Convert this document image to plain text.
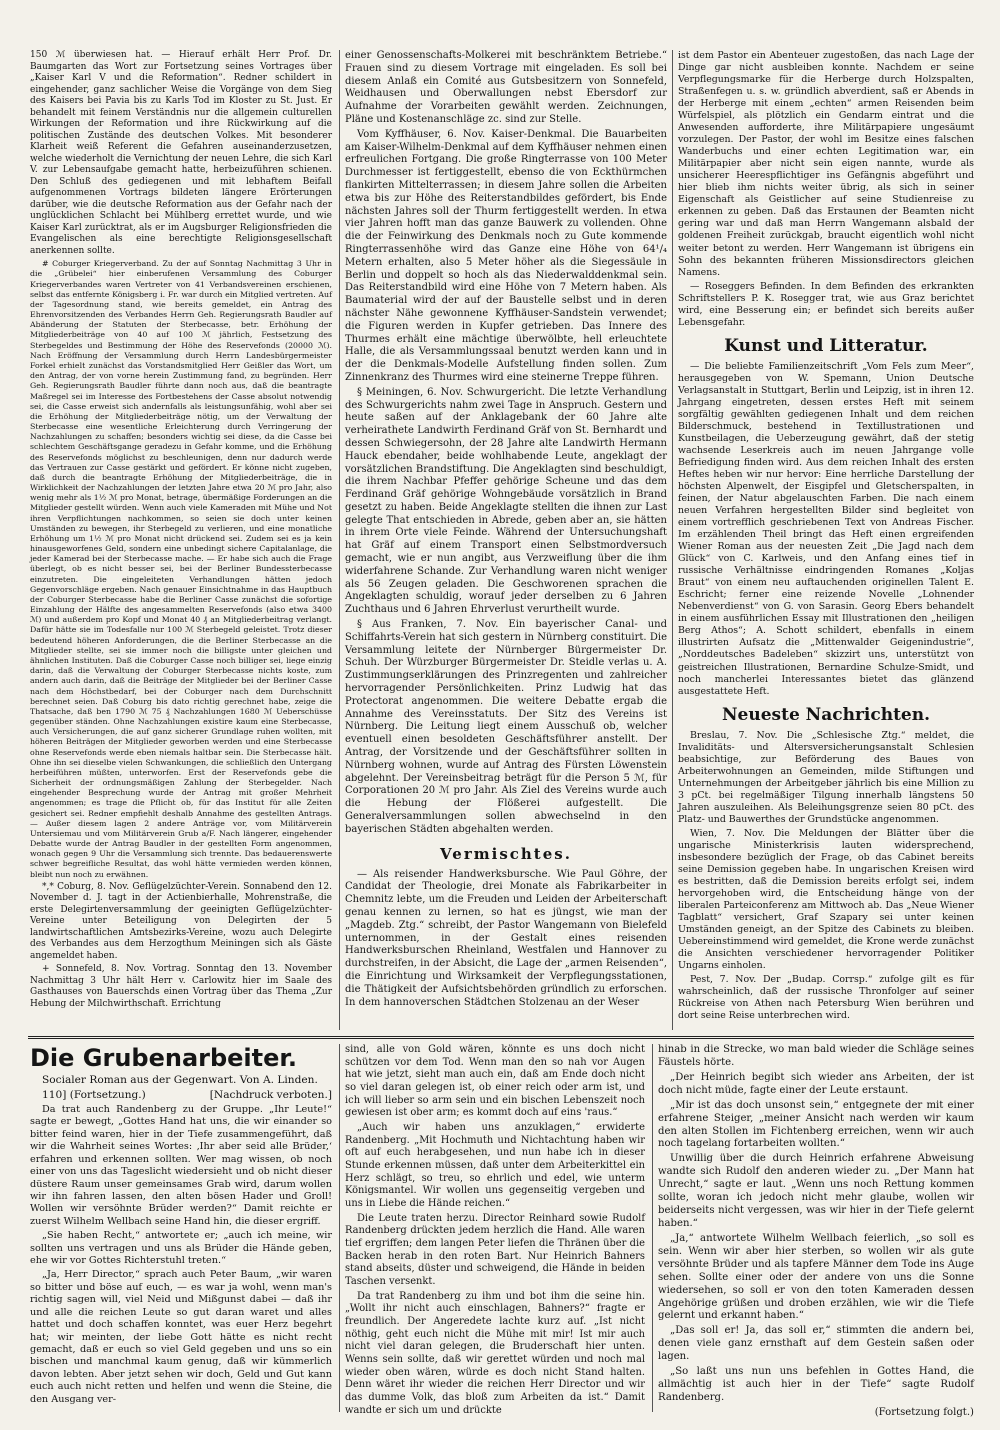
150 ℳ überwiesen hat. — Hierauf erhält Herr Prof. Dr. Baumgarten das Wort zur Fortsetzung seines Vortrages über „Kaiser Karl V und die Reformation“. Redner schildert in eingehender, ganz sachlicher Weise die Vorgänge von dem Sieg des Kaisers bei Pavia bis zu Karls Tod im Kloster zu St. Just. Er behandelt mit feinem Verständnis nur die allgemein culturellen Wirkungen der Reformation und ihre Rückwirkung auf die politischen Zustände des deutschen Volkes. Mit besonderer Klarheit weiß Referent die Gefahren auseinanderzusetzen, welche wiederholt die Vernichtung der neuen Lehre, die sich Karl V. zur Lebensaufgabe gemacht hatte, herbeizuführen schienen. Den Schluß des gediegenen und mit lebhaftem Beifall aufgenommenen Vortrags bildeten längere Erörterungen darüber, wie die deutsche Reformation aus der Gefahr nach der unglücklichen Schlacht bei Mühlberg errettet wurde, und wie Kaiser Karl zurücktrat, als er im Augsburger Religionsfrieden die Evangelischen als eine berechtigte Religionsgesellschaft anerkennen sollte.

# Coburger Kriegerverband. Zu der auf Sonntag Nachmittag 3 Uhr in die „Grübelei“ hier einberufenen Versammlung des Coburger Kriegerverbandes waren Vertreter von 41 Verbandsvereinen erschienen, selbst das entfernte Königsberg i. Fr. war durch ein Mitglied vertreten. Auf der Tagesordnung stand, wie bereits gemeldet, ein Antrag des Ehrenvorsitzenden des Verbandes Herrn Geh. Regierungsrath Baudler auf Abänderung der Statuten der Sterbecasse, betr. Erhöhung der Mitgliederbeiträge von 40 auf 100 ℳ jährlich, Festsetzung des Sterbegeldes und Bestimmung der Höhe des Reservefonds (20000 ℳ). Nach Eröffnung der Versammlung durch Herrn Landesbürgermeister Forkel erhielt zunächst das Vorstandsmitglied Herr Geißler das Wort, um den Antrag, der von vorne herein Zustimmung fand, zu begründen. Herr Geh. Regierungsrath Baudler führte dann noch aus, daß die beantragte Maßregel sei im Interesse des Fortbestehens der Casse absolut notwendig sei, die Casse erweist sich andernfalls als leistungsunfähig, wohl aber sei die Erhöhung der Mitgliederbeiträge nötig, um der Verwaltung der Sterbecasse eine wesentliche Erleichterung durch Verringerung der Nachzahlungen zu schaffen; besonders wichtig sei diese, da die Casse bei schlechtem Geschäftsgange geradezu in Gefahr komme, und die Erhöhung des Reservefonds möglichst zu beschleunigen, denn nur dadurch werde das Vertrauen zur Casse gestärkt und gefördert. Er könne nicht zugeben, daß durch die beantragte Erhöhung der Mitgliederbeiträge, die in Wirklichkeit der Nachzahlungen der letzten Jahre etwa 20 ℳ pro Jahr, also wenig mehr als 1½ ℳ pro Monat, betrage, übermäßige Forderungen an die Mitglieder gestellt würden. Wenn auch viele Kameraden mit Mühe und Not ihren Verpflichtungen nachkommen, so seien sie doch unter keinen Umständen zu bewegen, ihr Sterbegeld zu verlieren, und eine monatliche Erhöhung um 1½ ℳ pro Monat nicht drückend sei. Zudem sei es ja kein hinausgeworfenes Geld, sondern eine unbedingt sichere Capitalanlage, die jeder Kamerad bei der Sterbecasse mache. — Er habe sich auch die Frage überlegt, ob es nicht besser sei, bei der Berliner Bundessterbecasse einzutreten. Die eingeleiteten Verhandlungen hätten jedoch Gegenvorschläge ergeben. Nach genauer Einsichtnahme in das Hauptbuch der Coburger Sterbecasse habe die Berliner Casse zunächst die sofortige Einzahlung der Hälfte des angesammelten Reservefonds (also etwa 3400 ℳ) und außerdem pro Kopf und Monat 40 ₰ an Mitgliederbeitrag verlangt. Dafür hätte sie im Todesfalle nur 100 ℳ Sterbegeld geleistet. Trotz dieser bedeutend höheren Anforderungen, die die Berliner Sterbecasse an die Mitglieder stellte, sei sie immer noch die billigste unter gleichen und ähnlichen Instituten. Daß die Coburger Casse noch billiger sei, liege einzig darin, daß die Verwaltung der Coburger Sterbecasse nichts koste, zum andern auch darin, daß die Beiträge der Mitglieder bei der Berliner Casse nach dem Höchstbedarf, bei der Coburger nach dem Durchschnitt berechnet seien. Daß Coburg bis dato richtig gerechnet habe, zeige die Thatsache, daß ben 1790 ℳ 75 ₰ Nachzahlungen 1680 ℳ Ueberschüsse gegenüber ständen. Ohne Nachzahlungen existire kaum eine Sterbecasse, auch Versicherungen, die auf ganz sicherer Grundlage ruhen wollten, mit höheren Beiträgen der Mitglieder geworben werden und eine Sterbecasse ohne Reservefonds werde eben niemals haltbar sein. Die Sterbecasse hält. Ohne ihn sei dieselbe vielen Schwankungen, die schließlich den Untergang herbeiführen müßten, unterworfen. Erst der Reservefonds gebe die Sicherheit der ordnungsmäßigen Zahlung der Sterbegelder. Nach eingehender Besprechung wurde der Antrag mit großer Mehrheit angenommen; es trage die Pflicht ob, für das Institut für alle Zeiten gesichert sei. Redner empfiehlt deshalb Annahme des gestellten Antrags. — Außer diesem lagen 2 andere Anträge vor, vom Militärverein Untersiemau und vom Militärverein Grub a/F. Nach längerer, eingehender Debatte wurde der Antrag Baudler in der gestellten Form angenommen, wonach gegen 9 Uhr die Versammlung sich trennte. Das bedauerenswerte schwer begreifliche Resultat, das wohl hätte vermieden werden können, bleibt nun noch zu erwähnen.

*,* Coburg, 8. Nov. Geflügelzüchter-Verein. Sonnabend den 12. November d. J. tagt in der Actienbierhalle, Mohrenstraße, die erste Delegirtenversammlung der geeinigten Geflügelzüchter-Vereine unter Beteiligung von Delegirten der 5 landwirtschaftlichen Amtsbezirks-Vereine, wozu auch Delegirte des Verbandes aus dem Herzogthum Meiningen sich als Gäste angemeldet haben.

+ Sonnefeld, 8. Nov. Vortrag. Sonntag den 13. November Nachmittag 3 Uhr hält Herr v. Carlowitz hier im Saale des Gasthauses von Bauerschds einen Vortrag über das Thema „Zur Hebung der Milchwirthschaft. Errichtung

einer Genossenschafts-Molkerei mit beschränktem Betriebe.“ Frauen sind zu diesem Vortrage mit eingeladen. Es soll bei diesem Anlaß ein Comité aus Gutsbesitzern von Sonnefeld, Weidhausen und Oberwallungen nebst Ebersdorf zur Aufnahme der Vorarbeiten gewählt werden. Zeichnungen, Pläne und Kostenanschläge zc. sind zur Stelle.

Vom Kyffhäuser, 6. Nov. Kaiser-Denkmal. Die Bauarbeiten am Kaiser-Wilhelm-Denkmal auf dem Kyffhäuser nehmen einen erfreulichen Fortgang. Die große Ringterrasse von 100 Meter Durchmesser ist fertiggestellt, ebenso die von Eckthürmchen flankirten Mittelterrassen; in diesem Jahre sollen die Arbeiten etwa bis zur Höhe des Reiterstandbildes gefördert, bis Ende nächsten Jahres soll der Thurm fertiggestellt werden. In etwa vier Jahren hofft man das ganze Bauwerk zu vollenden. Ohne die der Feinwirkung des Denkmals noch zu Gute kommende Ringterrassenhöhe wird das Ganze eine Höhe von 64¹/₄ Metern erhalten, also 5 Meter höher als die Siegessäule in Berlin und doppelt so hoch als das Niederwalddenkmal sein. Das Reiterstandbild wird eine Höhe von 7 Metern haben. Als Baumaterial wird der auf der Baustelle selbst und in deren nächster Nähe gewonnene Kyffhäuser-Sandstein verwendet; die Figuren werden in Kupfer getrieben. Das Innere des Thurmes erhält eine mächtige überwölbte, hell erleuchtete Halle, die als Versammlungssaal benutzt werden kann und in der die Denkmals-Modelle Aufstellung finden sollen. Zum Zinnenkranz des Thurmes wird eine steinerne Treppe führen.

§ Meiningen, 6. Nov. Schwurgericht. Die letzte Verhandlung des Schwurgerichts nahm zwei Tage in Anspruch. Gestern und heute saßen auf der Anklagebank der 60 Jahre alte verheirathete Landwirth Ferdinand Gräf von St. Bernhardt und dessen Schwiegersohn, der 28 Jahre alte Landwirth Hermann Hauck ebendaher, beide wohlhabende Leute, angeklagt der vorsätzlichen Brandstiftung. Die Angeklagten sind beschuldigt, die ihrem Nachbar Pfeffer gehörige Scheune und das dem Ferdinand Gräf gehörige Wohngebäude vorsätzlich in Brand gesetzt zu haben. Beide Angeklagte stellten die ihnen zur Last gelegte That entschieden in Abrede, geben aber an, sie hätten in ihrem Orte viele Feinde. Während der Untersuchungshaft hat Gräf auf einem Transport einen Selbstmordversuch gemacht, wie er nun angibt, aus Verzweiflung über die ihm widerfahrene Schande. Zur Verhandlung waren nicht weniger als 56 Zeugen geladen. Die Geschworenen sprachen die Angeklagten schuldig, worauf jeder derselben zu 6 Jahren Zuchthaus und 6 Jahren Ehrverlust verurtheilt wurde.

§ Aus Franken, 7. Nov. Ein bayerischer Canal- und Schiffahrts-Verein hat sich gestern in Nürnberg constituirt. Die Versammlung leitete der Nürnberger Bürgermeister Dr. Schuh. Der Würzburger Bürgermeister Dr. Steidle verlas u. A. Zustimmungserklärungen des Prinzregenten und zahlreicher hervorragender Persönlichkeiten. Prinz Ludwig hat das Protectorat angenommen. Die weitere Debatte ergab die Annahme des Vereinsstatuts. Der Sitz des Vereins ist Nürnberg. Die Leitung liegt einem Ausschuß ob, welcher eventuell einen besoldeten Geschäftsführer anstellt. Der Antrag, der Vorsitzende und der Geschäftsführer sollten in Nürnberg wohnen, wurde auf Antrag des Fürsten Löwenstein abgelehnt. Der Vereinsbeitrag beträgt für die Person 5 ℳ, für Corporationen 20 ℳ pro Jahr. Als Ziel des Vereins wurde auch die Hebung der Flößerei aufgestellt. Die Generalversammlungen sollen abwechselnd in den bayerischen Städten abgehalten werden.

Vermischtes.

— Als reisender Handwerksbursche. Wie Paul Göhre, der Candidat der Theologie, drei Monate als Fabrikarbeiter in Chemnitz lebte, um die Freuden und Leiden der Arbeiterschaft genau kennen zu lernen, so hat es jüngst, wie man der „Magdeb. Ztg.“ schreibt, der Pastor Wangemann von Bielefeld unternommen, in der Gestalt eines reisenden Handwerksburschen Rheinland, Westfalen und Hannover zu durchstreifen, in der Absicht, die Lage der „armen Reisenden“, die Einrichtung und Wirksamkeit der Verpflegungsstationen, die Thätigkeit der Aufsichtsbehörden gründlich zu erforschen. In dem hannoverschen Städtchen Stolzenau an der Weser

ist dem Pastor ein Abenteuer zugestoßen, das nach Lage der Dinge gar nicht ausbleiben konnte. Nachdem er seine Verpflegungsmarke für die Herberge durch Holzspalten, Straßenfegen u. s. w. gründlich abverdient, saß er Abends in der Herberge mit einem „echten“ armen Reisenden beim Würfelspiel, als plötzlich ein Gendarm eintrat und die Anwesenden aufforderte, ihre Militärpapiere ungesäumt vorzulegen. Der Pastor, der wohl im Besitze eines falschen Wanderbuchs und einer echten Legitimation war, ein Militärpapier aber nicht sein eigen nannte, wurde als unsicherer Heerespflichtiger ins Gefängnis abgeführt und hier blieb ihm nichts weiter übrig, als sich in seiner Eigenschaft als Geistlicher auf seine Studienreise zu erkennen zu geben. Daß das Erstaunen der Beamten nicht gering war und daß man Herrn Wangemann alsbald der goldenen Freiheit zurückgab, braucht eigentlich wohl nicht weiter betont zu werden. Herr Wangemann ist übrigens ein Sohn des bekannten früheren Missionsdirectors gleichen Namens.

— Roseggers Befinden. In dem Befinden des erkrankten Schriftstellers P. K. Rosegger trat, wie aus Graz berichtet wird, eine Besserung ein; er befindet sich bereits außer Lebensgefahr.

Kunst und Litteratur.

— Die beliebte Familienzeitschrift „Vom Fels zum Meer“, herausgegeben von W. Spemann, Union Deutsche Verlagsanstalt in Stuttgart, Berlin und Leipzig, ist in ihren 12. Jahrgang eingetreten, dessen erstes Heft mit seinem sorgfältig gewählten gediegenen Inhalt und dem reichen Bilderschmuck, bestehend in Textillustrationen und Kunstbeilagen, die Ueberzeugung gewährt, daß der stetig wachsende Leserkreis auch im neuen Jahrgange volle Befriedigung finden wird. Aus dem reichen Inhalt des ersten Heftes heben wir nur hervor: Eine herrliche Darstellung der höchsten Alpenwelt, der Eisgipfel und Gletscherspalten, in feinen, der Natur abgelauschten Farben. Die nach einem neuen Verfahren hergestellten Bilder sind begleitet von einem vortrefflich geschriebenen Text von Andreas Fischer. Im erzählenden Theil bringt das Heft einen ergreifenden Wiener Roman aus der neuesten Zeit „Die Jagd nach dem Glück“ von C. Karlweis, und den Anfang eines tief in russische Verhältnisse eindringenden Romanes „Koljas Braut“ von einem neu auftauchenden originellen Talent E. Eschricht; ferner eine reizende Novelle „Lohnender Nebenverdienst“ von G. von Sarasin. Georg Ebers behandelt in einem ausführlichen Essay mit Illustrationen den „heiligen Berg Athos“; A. Schott schildert, ebenfalls in einem illustrirten Aufsatz die „Mittenwalder Geigenindustrie“, „Norddeutsches Badeleben“ skizzirt uns, unterstützt von geistreichen Illustrationen, Bernardine Schulze-Smidt, und noch mancherlei Interessantes bietet das glänzend ausgestattete Heft.

Neueste Nachrichten.

Breslau, 7. Nov. Die „Schlesische Ztg.“ meldet, die Invaliditäts- und Altersversicherungsanstalt Schlesien beabsichtige, zur Beförderung des Baues von Arbeiterwohnungen an Gemeinden, milde Stiftungen und Unternehmungen der Arbeitgeber jährlich bis eine Million zu 3 pCt. bei regelmäßiger Tilgung innerhalb längstens 50 Jahren auszuleihen. Als Beleihungsgrenze seien 80 pCt. des Platz- und Bauwerthes der Grundstücke angenommen.

Wien, 7. Nov. Die Meldungen der Blätter über die ungarische Ministerkrisis lauten widersprechend, insbesondere bezüglich der Frage, ob das Cabinet bereits seine Demission gegeben habe. In ungarischen Kreisen wird es bestritten, daß die Demission bereits erfolgt sei, indem hervorgehoben wird, die Entscheidung hänge von der liberalen Parteiconferenz am Mittwoch ab. Das „Neue Wiener Tagblatt“ versichert, Graf Szapary sei unter keinen Umständen geneigt, an der Spitze des Cabinets zu bleiben. Uebereinstimmend wird gemeldet, die Krone werde zunächst die Ansichten verschiedener hervorragender Politiker Ungarns einholen.

Pest, 7. Nov. Der „Budap. Corrsp.“ zufolge gilt es für wahrscheinlich, daß der russische Thronfolger auf seiner Rückreise von Athen nach Petersburg Wien berühren und dort seine Reise unterbrechen wird.

Die Grubenarbeiter.

Socialer Roman aus der Gegenwart. Von A. Linden.

110] (Fortsetzung.)	[Nachdruck verboten.]

Da trat auch Randenberg zu der Gruppe. „Ihr Leute!“ sagte er bewegt, „Gottes Hand hat uns, die wir einander so bitter feind waren, hier in der Tiefe zusammengeführt, daß wir die Wahrheit seines Wortes: ‚Ihr aber seid alle Brüder,‘ erfahren und erkennen sollten. Wer mag wissen, ob noch einer von uns das Tageslicht wiedersieht und ob nicht dieser düstere Raum unser gemeinsames Grab wird, darum wollen wir ihn fahren lassen, den alten bösen Hader und Groll! Wollen wir versöhnte Brüder werden?“ Damit reichte er zuerst Wilhelm Wellbach seine Hand hin, die dieser ergriff.

„Sie haben Recht,“ antwortete er; „auch ich meine, wir sollten uns vertragen und uns als Brüder die Hände geben, ehe wir vor Gottes Richterstuhl treten.“

„Ja, Herr Director,“ sprach auch Peter Baum, „wir waren so bitter und böse auf euch, — es war ja wohl, wenn man's richtig sagen will, viel Neid und Mißgunst dabei — daß ihr und alle die reichen Leute so gut daran waret und alles hattet und doch schaffen konntet, was euer Herz begehrt hat; wir meinten, der liebe Gott hätte es nicht recht gemacht, daß er euch so viel Geld gegeben und uns so ein bischen und manchmal kaum genug, daß wir kümmerlich davon lebten. Aber jetzt sehen wir doch, Geld und Gut kann euch auch nicht retten und helfen und wenn die Steine, die den Ausgang ver-

sind, alle von Gold wären, könnte es uns doch nicht schützen vor dem Tod. Wenn man den so nah vor Augen hat wie jetzt, sieht man auch ein, daß am Ende doch nicht so viel daran gelegen ist, ob einer reich oder arm ist, und ich will lieber so arm sein und ein bischen Lebenszeit noch gewiesen ist ober arm; es kommt doch auf eins 'raus.“

„Auch wir haben uns anzuklagen,“ erwiderte Randenberg. „Mit Hochmuth und Nichtachtung haben wir oft auf euch herabgesehen, und nun habe ich in dieser Stunde erkennen müssen, daß unter dem Arbeiterkittel ein Herz schlägt, so treu, so ehrlich und edel, wie unterm Königsmantel. Wir wollen uns gegenseitig vergeben und uns in Liebe die Hände reichen.“

Die Leute traten herzu. Director Reinhard sowie Rudolf Randenberg drückten jedem herzlich die Hand. Alle waren tief ergriffen; dem langen Peter liefen die Thränen über die Backen herab in den roten Bart. Nur Heinrich Bahners stand abseits, düster und schweigend, die Hände in beiden Taschen versenkt.

Da trat Randenberg zu ihm und bot ihm die seine hin. „Wollt ihr nicht auch einschlagen, Bahners?“ fragte er freundlich. Der Angeredete lachte kurz auf. „Ist nicht nöthig, geht euch nicht die Mühe mit mir! Ist mir auch nicht viel daran gelegen, die Bruderschaft hier unten. Wenns sein sollte, daß wir gerettet würden und noch mal wieder oben wären, würde es doch nicht Stand halten. Denn wäret ihr wieder die reichen Herr Director und wir das dumme Volk, das bloß zum Arbeiten da ist.“ Damit wandte er sich um und drückte

hinab in die Strecke, wo man bald wieder die Schläge seines Fäustels hörte.

„Der Heinrich begibt sich wieder ans Arbeiten, der ist doch nicht müde, fagte einer der Leute erstaunt.

„Mir ist das doch unsonst sein,“ entgegnete der mit einer erfahrene Steiger, „meiner Ansicht nach werden wir kaum den alten Stollen im Fichtenberg erreichen, wenn wir auch noch tagelang fortarbeiten wollten.“

Unwillig über die durch Heinrich erfahrene Abweisung wandte sich Rudolf den anderen wieder zu. „Der Mann hat Unrecht,“ sagte er laut. „Wenn uns noch Rettung kommen sollte, woran ich jedoch nicht mehr glaube, wollen wir beiderseits nicht vergessen, was wir hier in der Tiefe gelernt haben.“

„Ja,“ antwortete Wilhelm Wellbach feierlich, „so soll es sein. Wenn wir aber hier sterben, so wollen wir als gute versöhnte Brüder und als tapfere Männer dem Tode ins Auge sehen. Sollte einer oder der andere von uns die Sonne wiedersehen, so soll er von den toten Kameraden dessen Angehörige grüßen und droben erzählen, wie wir die Tiefe gelernt und erkannt haben.“

„Das soll er! Ja, das soll er,“ stimmten die andern bei, denen viele ganz ernsthaft auf dem Gestein saßen oder lagen.

„So laßt uns nun uns befehlen in Gottes Hand, die allmächtig ist auch hier in der Tiefe“ sagte Rudolf Randenberg.

(Fortsetzung folgt.)
